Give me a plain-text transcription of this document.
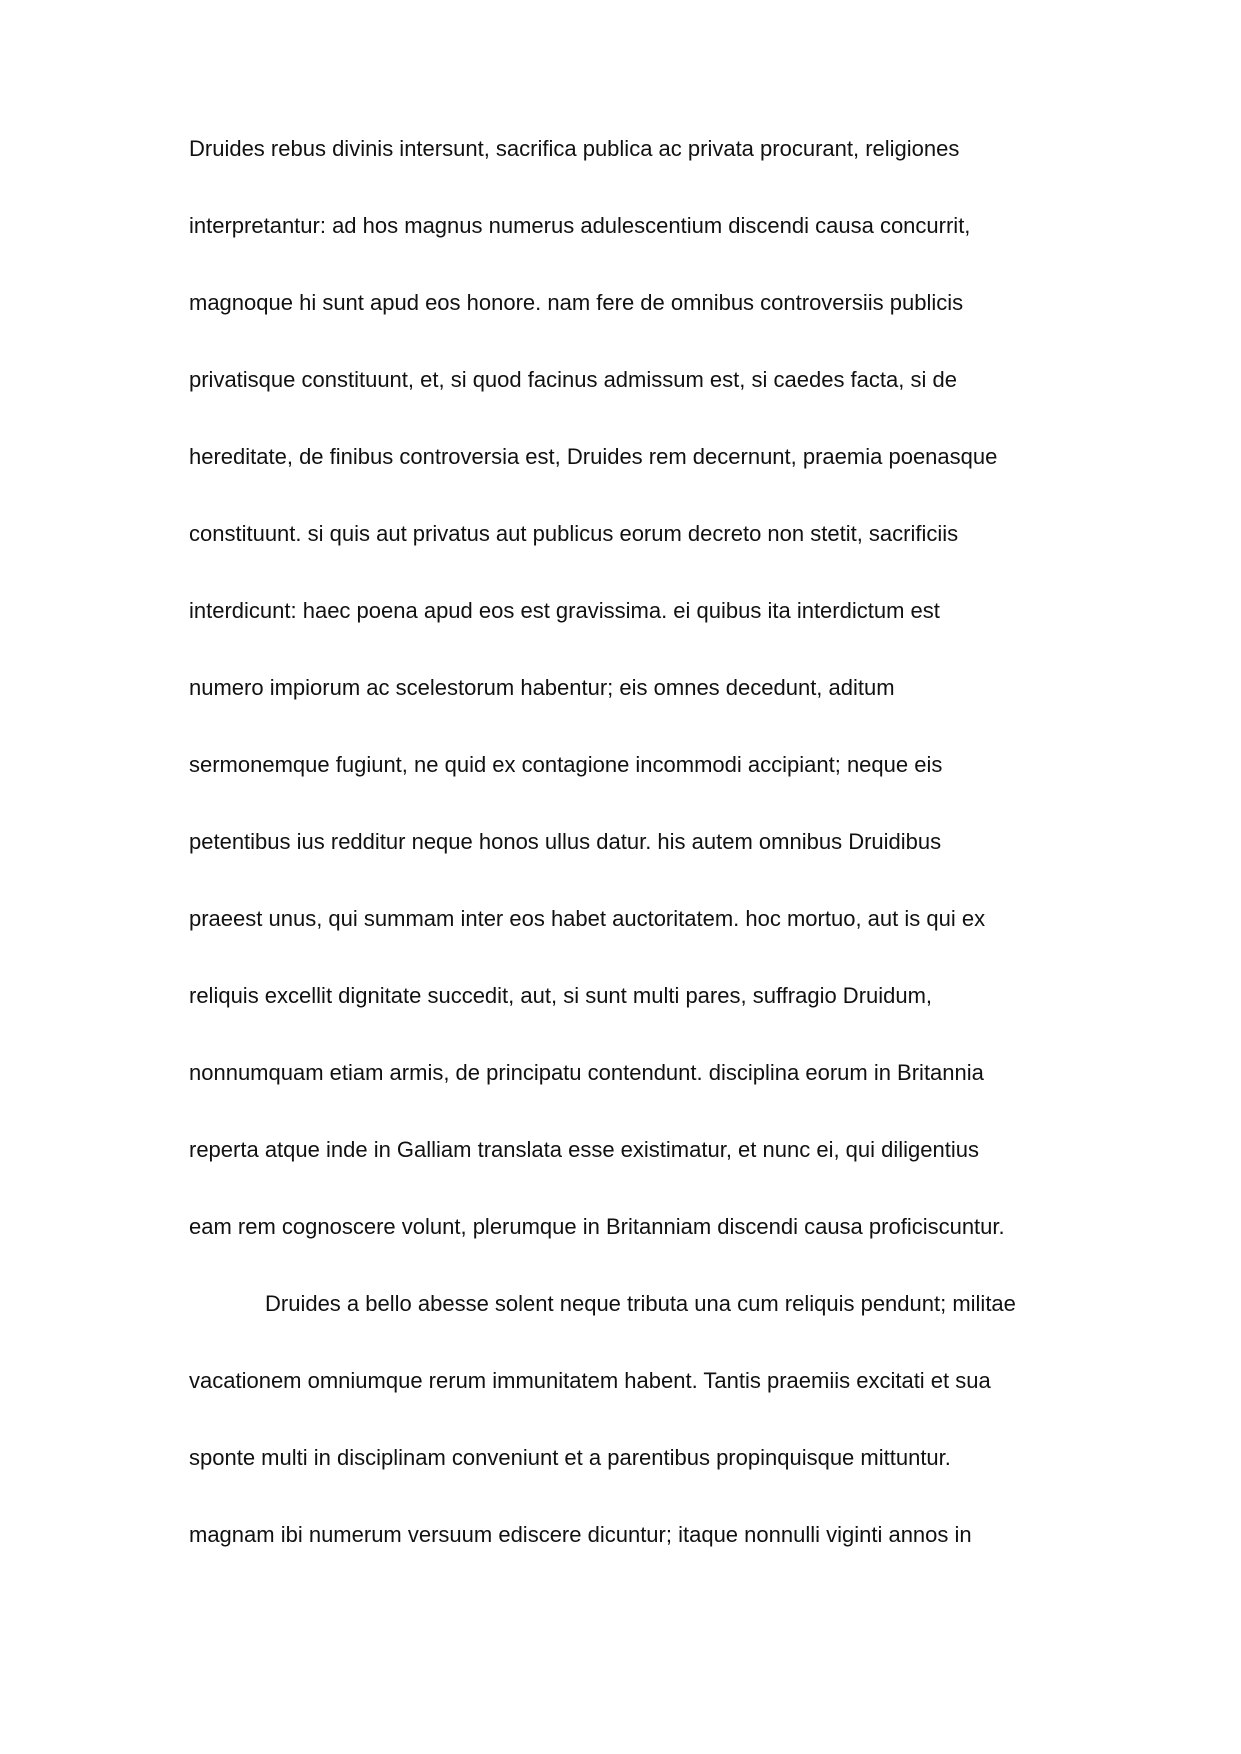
Druides rebus divinis intersunt, sacrifica publica ac privata procurant, religiones
interpretantur: ad hos magnus numerus adulescentium discendi causa concurrit,
magnoque hi sunt apud eos honore. nam fere de omnibus controversiis publicis
privatisque constituunt, et, si quod facinus admissum est, si caedes facta, si de
hereditate, de finibus controversia est, Druides rem decernunt, praemia poenasque
constituunt. si quis aut privatus aut publicus eorum decreto non stetit, sacrificiis
interdicunt: haec poena apud eos est gravissima. ei quibus ita interdictum est
numero impiorum ac scelestorum habentur; eis omnes decedunt, aditum
sermonemque fugiunt, ne quid ex contagione incommodi accipiant; neque eis
petentibus ius redditur neque honos ullus datur. his autem omnibus Druidibus
praeest unus, qui summam inter eos habet auctoritatem. hoc mortuo, aut is qui ex
reliquis excellit dignitate succedit, aut, si sunt multi pares, suffragio Druidum,
nonnumquam etiam armis, de principatu contendunt. disciplina eorum in Britannia
reperta atque inde in Galliam translata esse existimatur, et nunc ei, qui diligentius
eam rem cognoscere volunt, plerumque in Britanniam discendi causa proficiscuntur.
Druides a bello abesse solent neque tributa una cum reliquis pendunt; militae
vacationem omniumque rerum immunitatem habent. Tantis praemiis excitati et sua
sponte multi in disciplinam conveniunt et a parentibus propinquisque mittuntur.
magnam ibi numerum versuum ediscere dicuntur; itaque nonnulli viginti annos in
